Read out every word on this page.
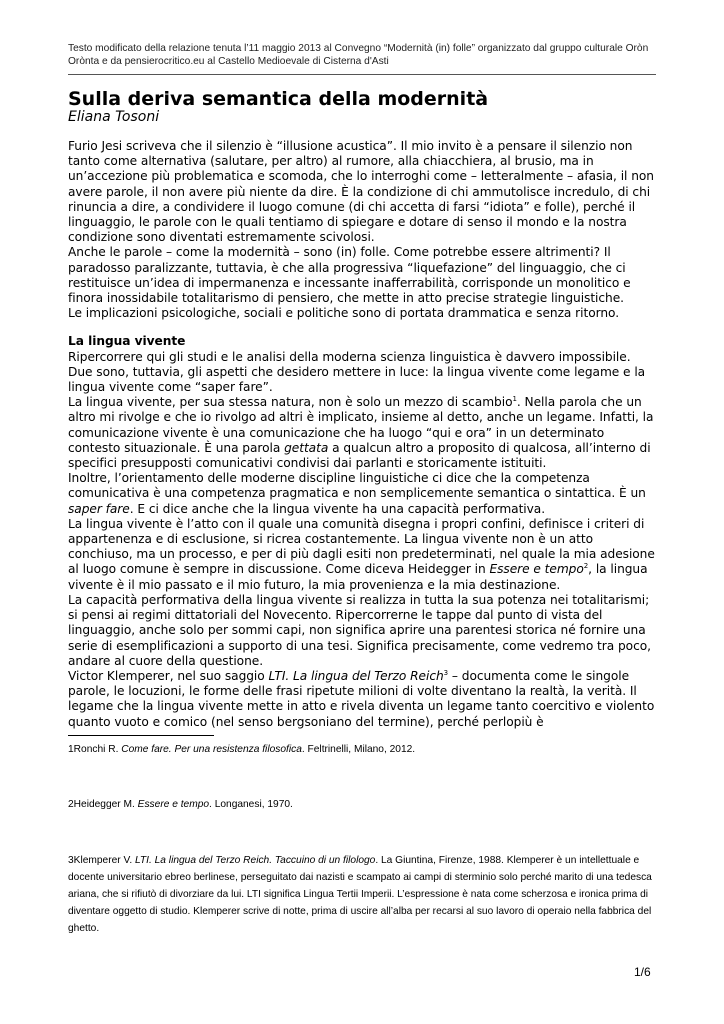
Testo modificato della relazione tenuta l’11 maggio 2013 al Convegno “Modernità (in) folle” organizzato dal gruppo culturale Oròn
Orònta e da pensierocritico.eu al Castello Medioevale di Cisterna d'Asti
Sulla deriva semantica della modernità
Eliana Tosoni

Furio Jesi scriveva che il silenzio è “illusione acustica”. Il mio invito è a pensare il silenzio non tanto come alternativa (salutare, per altro) al rumore, alla chiacchiera, al brusio, ma in un’accezione più problematica e scomoda, che lo interroghi come – letteralmente – afasia, il non avere parole, il non avere più niente da dire. È la condizione di chi ammutolisce incredulo, di chi rinuncia a dire, a condividere il luogo comune (di chi accetta di farsi “idiota” e folle), perché il linguaggio, le parole con le quali tentiamo di spiegare e dotare di senso il mondo e la nostra condizione sono diventati estremamente scivolosi.

Anche le parole – come la modernità – sono (in) folle. Come potrebbe essere altrimenti? Il paradosso paralizzante, tuttavia, è che alla progressiva “liquefazione” del linguaggio, che ci restituisce un’idea di impermanenza e incessante inafferrabilità, corrisponde un monolitico e finora inossidabile totalitarismo di pensiero, che mette in atto precise strategie linguistiche.

Le implicazioni psicologiche, sociali e politiche sono di portata drammatica e senza ritorno.

La lingua vivente

Ripercorrere qui gli studi e le analisi della moderna scienza linguistica è davvero impossibile. Due sono, tuttavia, gli aspetti che desidero mettere in luce: la lingua vivente come legame e la lingua vivente come “saper fare”.

La lingua vivente, per sua stessa natura, non è solo un mezzo di scambio$^1$. Nella parola che un altro mi rivolge e che io rivolgo ad altri è implicato, insieme al detto, anche un legame. Infatti, la comunicazione vivente è una comunicazione che ha luogo “qui e ora” in un determinato contesto situazionale. È una parola gettata a qualcun altro a proposito di qualcosa, all’interno di specifici presupposti comunicativi condivisi dai parlanti e storicamente istituiti.

Inoltre, l’orientamento delle moderne discipline linguistiche ci dice che la competenza comunicativa è una competenza pragmatica e non semplicemente semantica o sintattica. È un saper fare. E ci dice anche che la lingua vivente ha una capacità performativa.

La lingua vivente è l’atto con il quale una comunità disegna i propri confini, definisce i criteri di appartenenza e di esclusione, si ricrea costantemente. La lingua vivente non è un atto conchiuso, ma un processo, e per di più dagli esiti non predeterminati, nel quale la mia adesione al luogo comune è sempre in discussione. Come diceva Heidegger in Essere e tempo$^2$, la lingua vivente è il mio passato e il mio futuro, la mia provenienza e la mia destinazione.

La capacità performativa della lingua vivente si realizza in tutta la sua potenza nei totalitarismi; si pensi ai regimi dittatoriali del Novecento. Ripercorrerne le tappe dal punto di vista del linguaggio, anche solo per sommi capi, non significa aprire una parentesi storica né fornire una serie di esemplificazioni a supporto di una tesi. Significa precisamente, come vedremo tra poco, andare al cuore della questione.

Victor Klemperer, nel suo saggio LTI. La lingua del Terzo Reich$^3$ – documenta come le singole parole, le locuzioni, le forme delle frasi ripetute milioni di volte diventano la realtà, la verità. Il legame che la lingua vivente mette in atto e rivela diventa un legame tanto coercitivo e violento quanto vuoto e comico (nel senso bergsoniano del termine), perché perlopiù è

1Ronchi R. Come fare. Per una resistenza filosofica. Feltrinelli, Milano, 2012.
2Heidegger M. Essere e tempo. Longanesi, 1970.
3Klemperer V. LTI. La lingua del Terzo Reich. Taccuino di un filologo. La Giuntina, Firenze, 1988. Klemperer è un intellettuale e docente universitario ebreo berlinese, perseguitato dai nazisti e scampato ai campi di sterminio solo perché marito di una tedesca ariana, che si rifiutò di divorziare da lui. LTI significa Lingua Tertii Imperii. L’espressione è nata come scherzosa e ironica prima di diventare oggetto di studio. Klemperer scrive di notte, prima di uscire all’alba per recarsi al suo lavoro di operaio nella fabbrica del ghetto.
1/6
